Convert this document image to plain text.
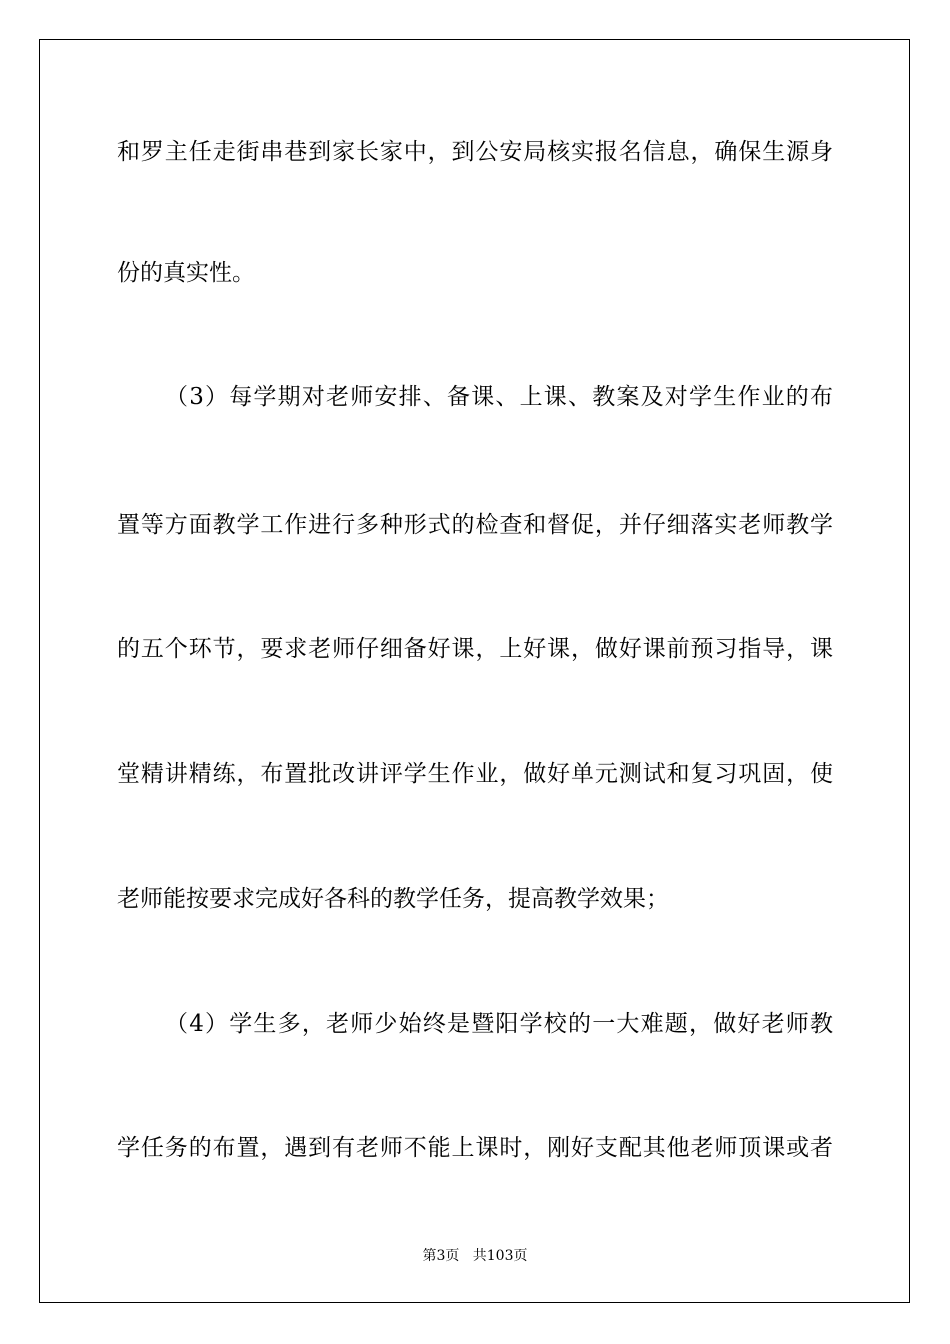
和罗主任走街串巷到家长家中，到公安局核实报名信息，确保生源身
份的真实性。
（3）每学期对老师安排、备课、上课、教案及对学生作业的布
置等方面教学工作进行多种形式的检查和督促，并仔细落实老师教学
的五个环节，要求老师仔细备好课，上好课，做好课前预习指导，课
堂精讲精练，布置批改讲评学生作业，做好单元测试和复习巩固，使
老师能按要求完成好各科的教学任务，提高教学效果；
（4）学生多，老师少始终是暨阳学校的一大难题，做好老师教
学任务的布置，遇到有老师不能上课时，刚好支配其他老师顶课或者
第3页 共103页
